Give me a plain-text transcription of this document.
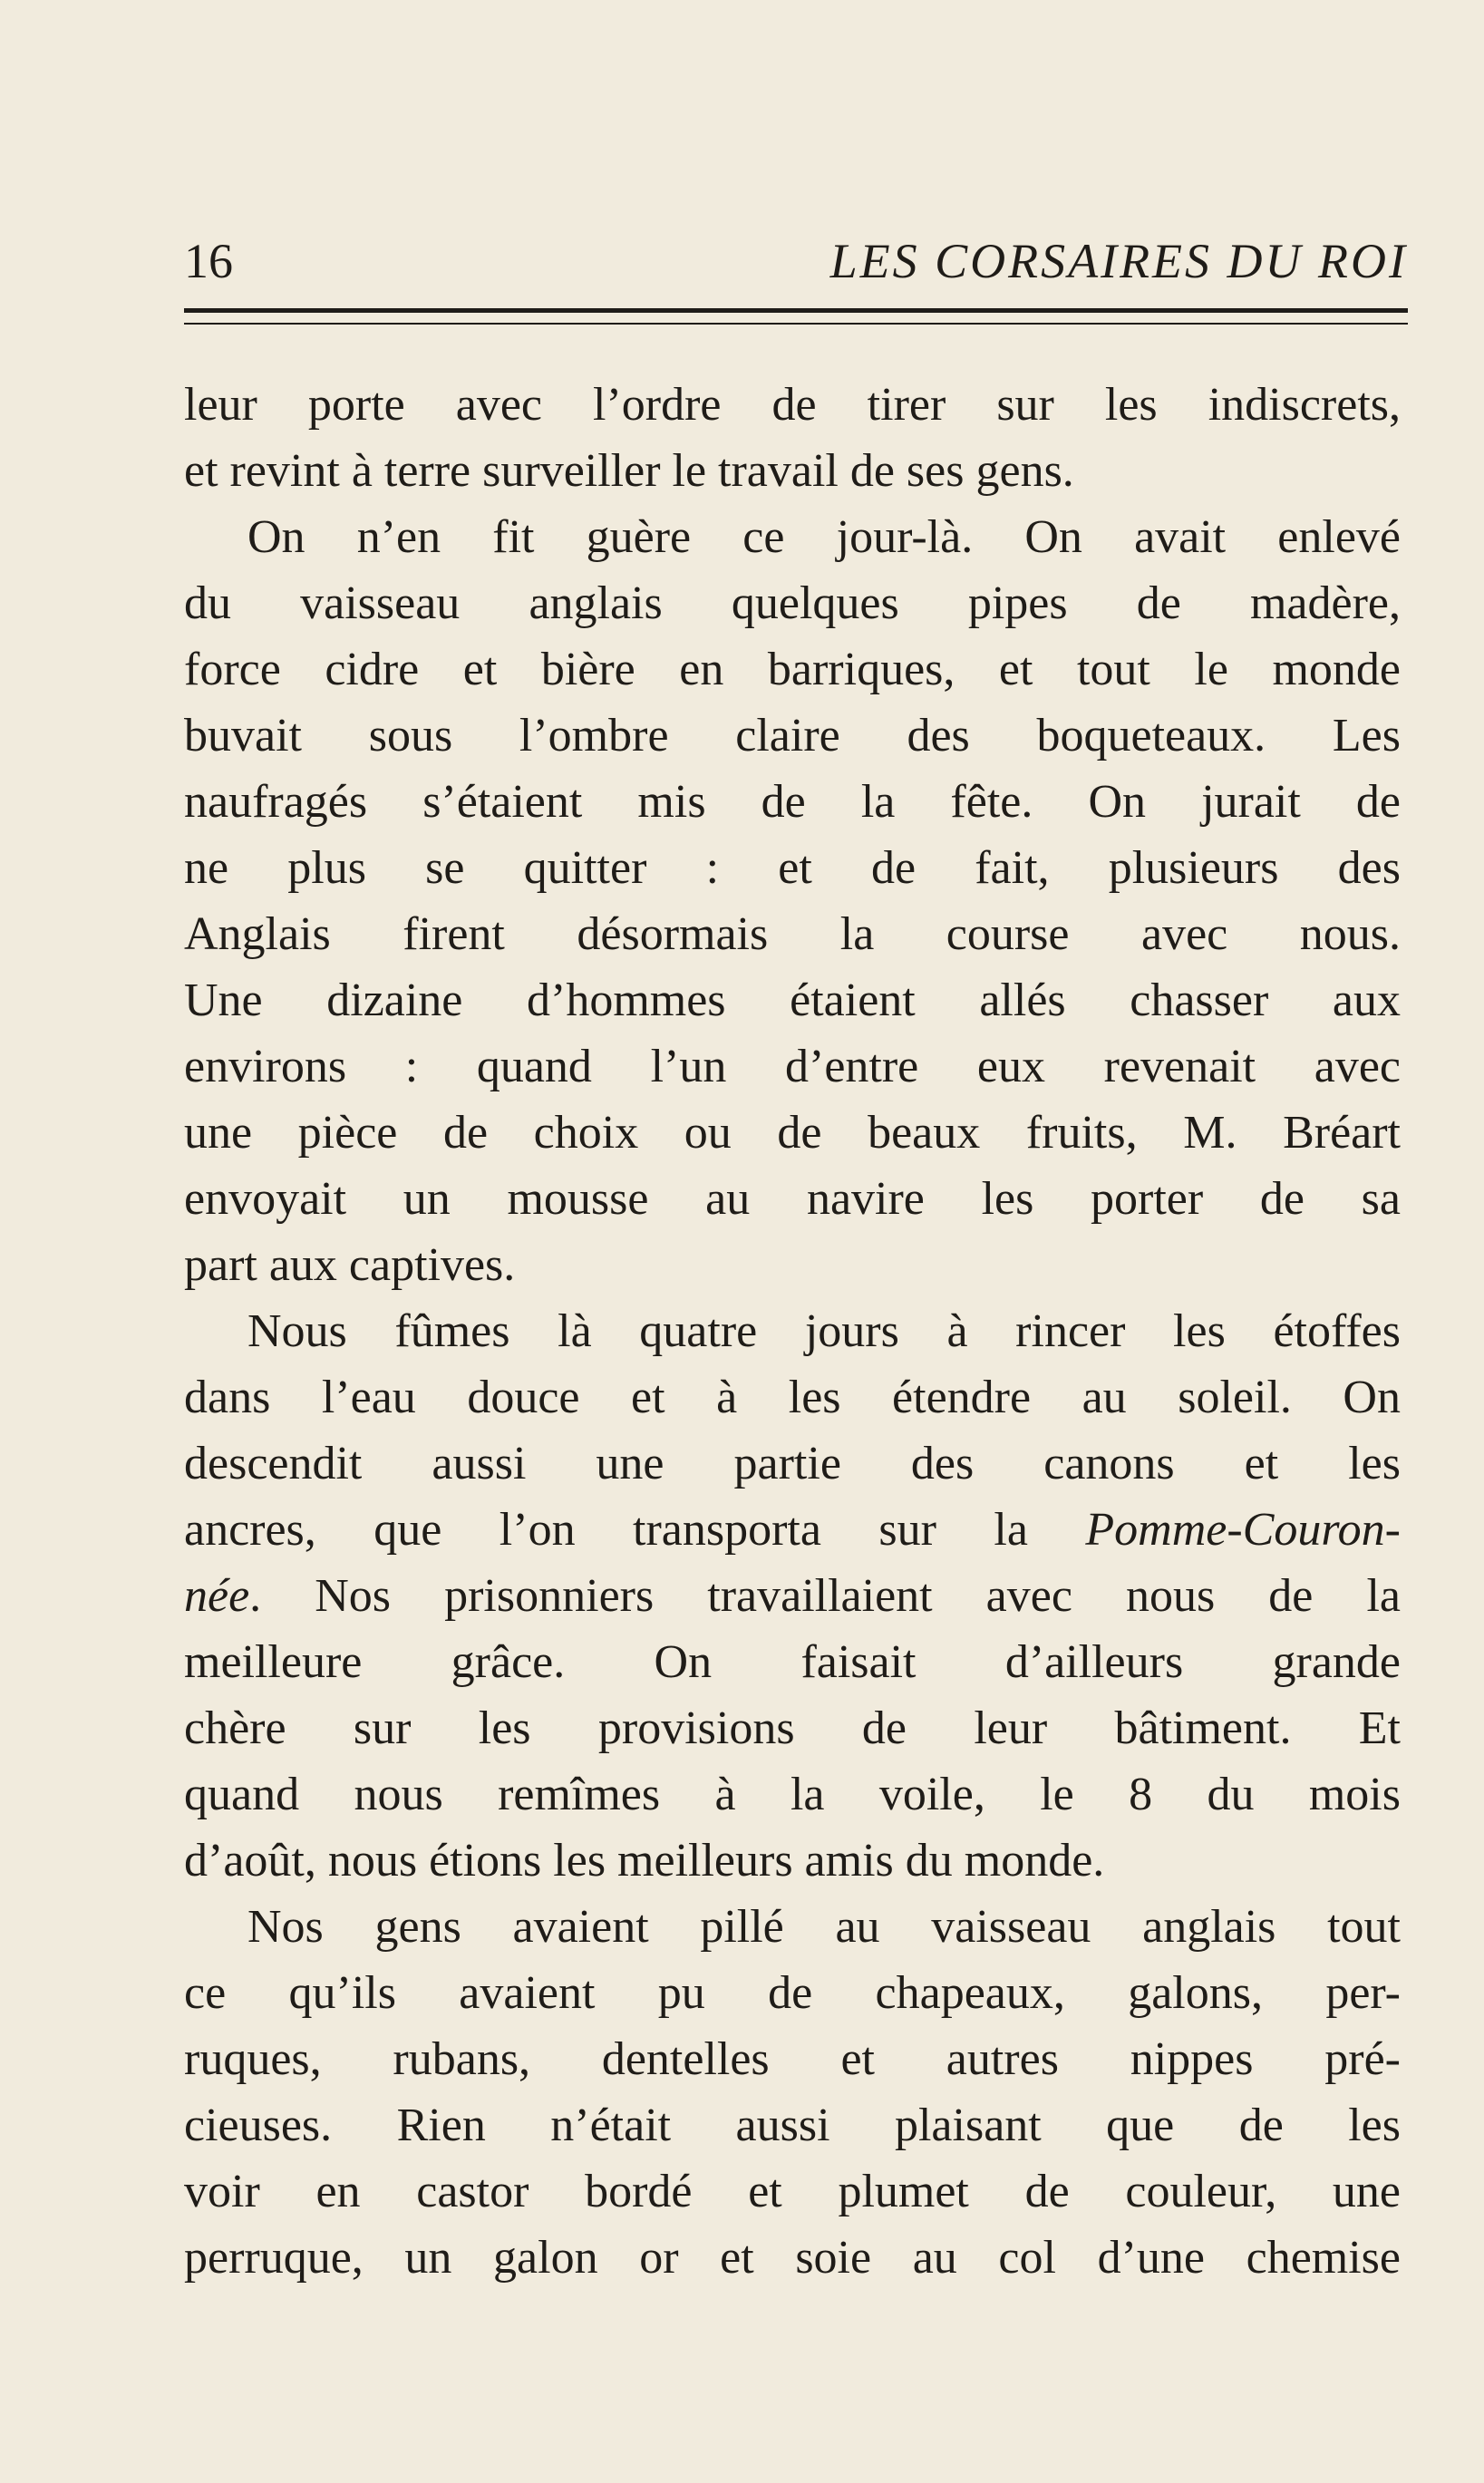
16	LES CORSAIRES DU ROI
leur porte avec l’ordre de tirer sur les indiscrets,
et revint à terre surveiller le travail de ses gens.
On n’en fit guère ce jour-là. On avait enlevé
du vaisseau anglais quelques pipes de madère,
force cidre et bière en barriques, et tout le monde
buvait sous l’ombre claire des boqueteaux. Les
naufragés s’étaient mis de la fête. On jurait de
ne plus se quitter : et de fait, plusieurs des
Anglais firent désormais la course avec nous.
Une dizaine d’hommes étaient allés chasser aux
environs : quand l’un d’entre eux revenait avec
une pièce de choix ou de beaux fruits, M. Bréart
envoyait un mousse au navire les porter de sa
part aux captives.
Nous fûmes là quatre jours à rincer les étoffes
dans l’eau douce et à les étendre au soleil. On
descendit aussi une partie des canons et les
ancres, que l’on transporta sur la Pomme-Couron-
née. Nos prisonniers travaillaient avec nous de la
meilleure grâce. On faisait d’ailleurs grande
chère sur les provisions de leur bâtiment. Et
quand nous remîmes à la voile, le 8 du mois
d’août, nous étions les meilleurs amis du monde.
Nos gens avaient pillé au vaisseau anglais tout
ce qu’ils avaient pu de chapeaux, galons, per-
ruques, rubans, dentelles et autres nippes pré-
cieuses. Rien n’était aussi plaisant que de les
voir en castor bordé et plumet de couleur, une
perruque, un galon or et soie au col d’une chemise
